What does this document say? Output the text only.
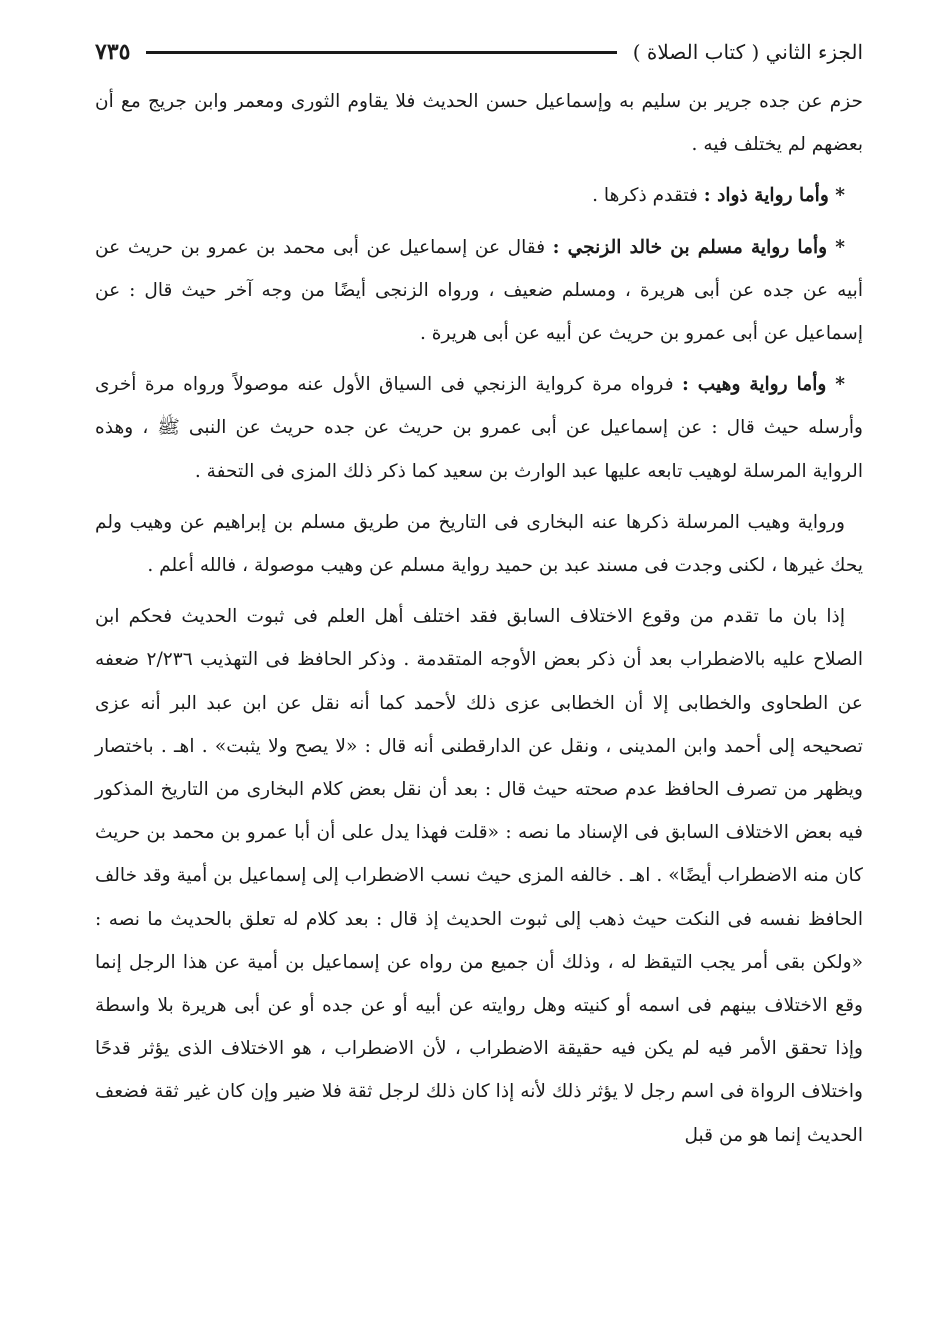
الجزء الثاني ( كتاب الصلاة )
٧٣٥

حزم عن جده جرير بن سليم به وإسماعيل حسن الحديث فلا يقاوم الثورى ومعمر وابن جريج مع أن بعضهم لم يختلف فيه .

* وأما رواية ذواد : فتقدم ذكرها .

* وأما رواية مسلم بن خالد الزنجي : فقال عن إسماعيل عن أبى محمد بن عمرو بن حريث عن أبيه عن جده عن أبى هريرة ، ومسلم ضعيف ، ورواه الزنجى أيضًا من وجه آخر حيث قال : عن إسماعيل عن أبى عمرو بن حريث عن أبيه عن أبى هريرة .

* وأما رواية وهيب : فرواه مرة كرواية الزنجي فى السياق الأول عنه موصولاً ورواه مرة أخرى وأرسله حيث قال : عن إسماعيل عن أبى عمرو بن حريث عن جده حريث عن النبى ﷺ ، وهذه الرواية المرسلة لوهيب تابعه عليها عبد الوارث بن سعيد كما ذكر ذلك المزى فى التحفة .

ورواية وهيب المرسلة ذكرها عنه البخارى فى التاريخ من طريق مسلم بن إبراهيم عن وهيب ولم يحك غيرها ، لكنى وجدت فى مسند عبد بن حميد رواية مسلم عن وهيب موصولة ، فالله أعلم .

إذا بان ما تقدم من وقوع الاختلاف السابق فقد اختلف أهل العلم فى ثبوت الحديث فحكم ابن الصلاح عليه بالاضطراب بعد أن ذكر بعض الأوجه المتقدمة . وذكر الحافظ فى التهذيب ٢/٢٣٦ ضعفه عن الطحاوى والخطابى إلا أن الخطابى عزى ذلك لأحمد كما أنه نقل عن ابن عبد البر أنه عزى تصحيحه إلى أحمد وابن المدينى ، ونقل عن الدارقطنى أنه قال : «لا يصح ولا يثبت» . اهـ . باختصار ويظهر من تصرف الحافظ عدم صحته حيث قال : بعد أن نقل بعض كلام البخارى من التاريخ المذكور فيه بعض الاختلاف السابق فى الإسناد ما نصه : «قلت فهذا يدل على أن أبا عمرو بن محمد بن حريث كان منه الاضطراب أيضًا» . اهـ . خالفه المزى حيث نسب الاضطراب إلى إسماعيل بن أمية وقد خالف الحافظ نفسه فى النكت حيث ذهب إلى ثبوت الحديث إذ قال : بعد كلام له تعلق بالحديث ما نصه : «ولكن بقى أمر يجب التيقظ له ، وذلك أن جميع من رواه عن إسماعيل بن أمية عن هذا الرجل إنما وقع الاختلاف بينهم فى اسمه أو كنيته وهل روايته عن أبيه أو عن جده أو عن أبى هريرة بلا واسطة وإذا تحقق الأمر فيه لم يكن فيه حقيقة الاضطراب ، لأن الاضطراب ، هو الاختلاف الذى يؤثر قدحًا واختلاف الرواة فى اسم رجل لا يؤثر ذلك لأنه إذا كان ذلك لرجل ثقة فلا ضير وإن كان غير ثقة فضعف الحديث إنما هو من قبل
